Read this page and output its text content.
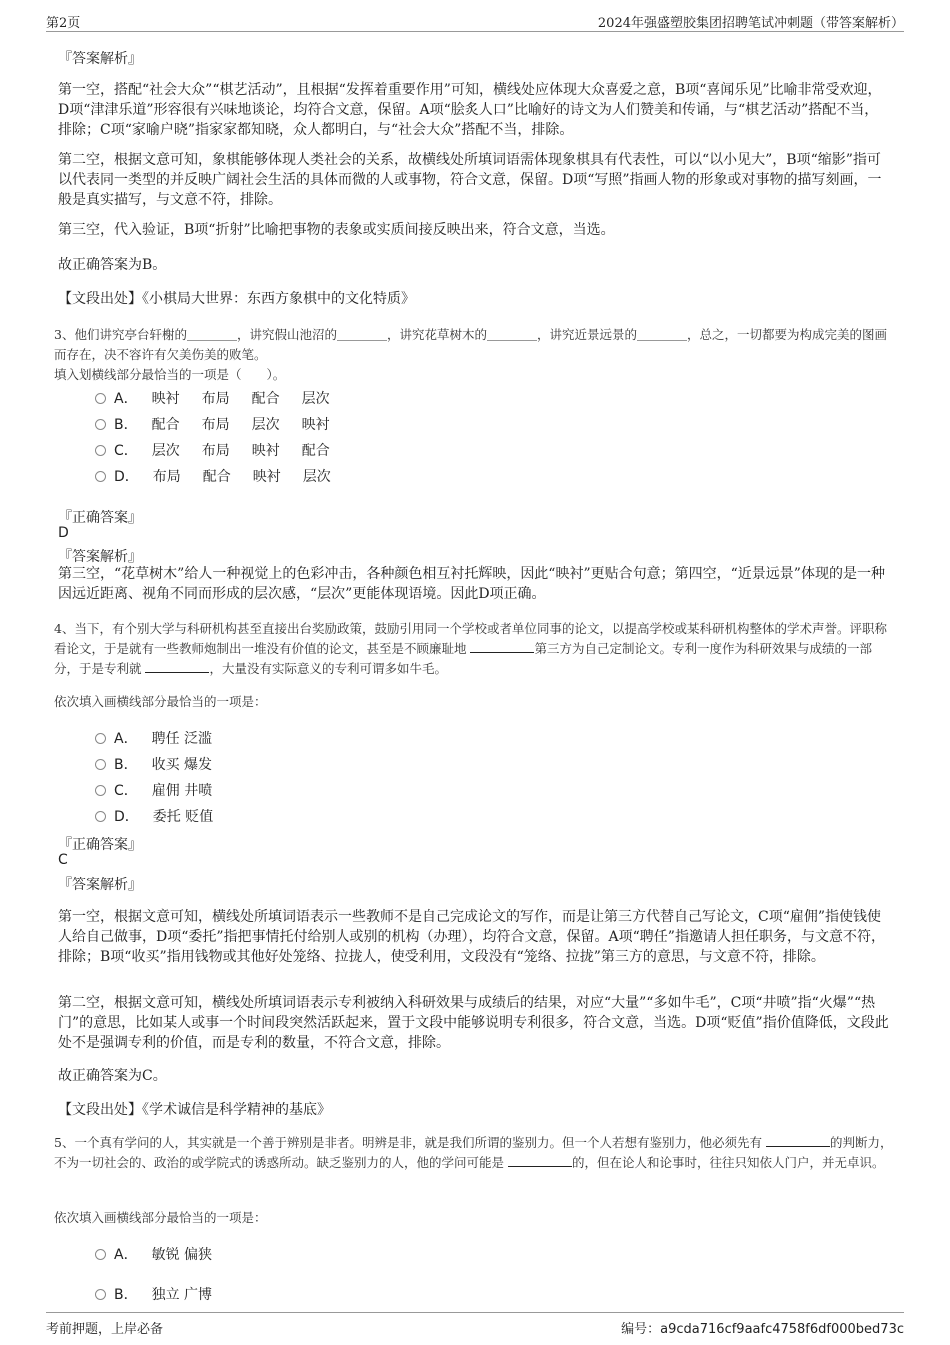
第2页	2024年强盛塑胶集团招聘笔试冲刺题（带答案解析）
『答案解析』
第一空，搭配“社会大众”“棋艺活动”，且根据“发挥着重要作用”可知，横线处应体现大众喜爱之意，B项“喜闻乐见”比喻非常受欢迎，D项“津津乐道”形容很有兴味地谈论，均符合文意，保留。A项“脍炙人口”比喻好的诗文为人们赞美和传诵，与“棋艺活动”搭配不当，排除；C项“家喻户晓”指家家都知晓，众人都明白，与“社会大众”搭配不当，排除。
第二空，根据文意可知，象棋能够体现人类社会的关系，故横线处所填词语需体现象棋具有代表性，可以“以小见大”，B项“缩影”指可以代表同一类型的并反映广阔社会生活的具体而微的人或事物，符合文意，保留。D项“写照”指画人物的形象或对事物的描写刻画，一般是真实描写，与文意不符，排除。
第三空，代入验证，B项“折射”比喻把事物的表象或实质间接反映出来，符合文意，当选。
故正确答案为B。
【文段出处】《小棋局大世界：东西方象棋中的文化特质》
3、他们讲究亭台轩榭的＿＿＿＿，讲究假山池沼的＿＿＿＿，讲究花草树木的＿＿＿＿，讲究近景远景的＿＿＿＿，总之，一切都要为构成完美的图画而存在，决不容许有欠美伤美的败笔。
填入划横线部分最恰当的一项是（　　）。
A． 映衬 布局 配合 层次
B． 配合 布局 层次 映衬
C． 层次 布局 映衬 配合
D． 布局 配合 映衬 层次
『正确答案』
D
『答案解析』
第三空，“花草树木”给人一种视觉上的色彩冲击，各种颜色相互衬托辉映，因此“映衬”更贴合句意；第四空，“近景远景”体现的是一种因远近距离、视角不同而形成的层次感，“层次”更能体现语境。因此D项正确。
4、当下，有个别大学与科研机构甚至直接出台奖励政策，鼓励引用同一个学校或者单位同事的论文，以提高学校或某科研机构整体的学术声誉。评职称看论文，于是就有一些教师炮制出一堆没有价值的论文，甚至是不顾廉耻地	第三方为自己定制论文。专利一度作为科研效果与成绩的一部分，于是专利就	，大量没有实际意义的专利可谓多如牛毛。
依次填入画横线部分最恰当的一项是：
A． 聘任 泛滥
B． 收买 爆发
C． 雇佣 井喷
D． 委托 贬值
『正确答案』
C
『答案解析』
第一空，根据文意可知，横线处所填词语表示一些教师不是自己完成论文的写作，而是让第三方代替自己写论文，C项“雇佣”指使钱使人给自己做事，D项“委托”指把事情托付给别人或别的机构（办理），均符合文意，保留。A项“聘任”指邀请人担任职务，与文意不符，排除；B项“收买”指用钱物或其他好处笼络、拉拢人，使受利用，文段没有“笼络、拉拢”第三方的意思，与文意不符，排除。
第二空，根据文意可知，横线处所填词语表示专利被纳入科研效果与成绩后的结果，对应“大量”“多如牛毛”，C项“井喷”指“火爆”“热门”的意思，比如某人或事一个时间段突然活跃起来，置于文段中能够说明专利很多，符合文意，当选。D项“贬值”指价值降低，文段此处不是强调专利的价值，而是专利的数量，不符合文意，排除。
故正确答案为C。
【文段出处】《学术诚信是科学精神的基底》
5、一个真有学问的人，其实就是一个善于辨别是非者。明辨是非，就是我们所谓的鉴别力。但一个人若想有鉴别力，他必须先有	的判断力，不为一切社会的、政治的或学院式的诱惑所动。缺乏鉴别力的人，他的学问可能是	的，但在论人和论事时，往往只知依人门户，并无卓识。
依次填入画横线部分最恰当的一项是：
A． 敏锐 偏狭
B． 独立 广博
考前押题，上岸必备	编号：a9cda716cf9aafc4758f6df000bed73c
